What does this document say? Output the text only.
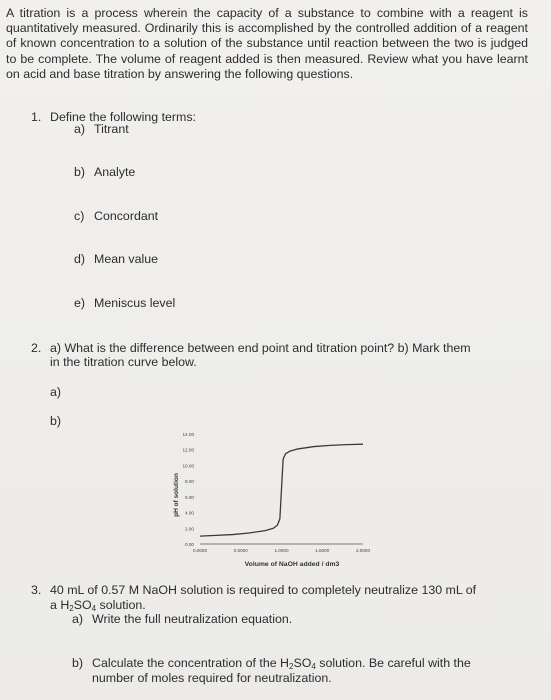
A titration is a process wherein the capacity of a substance to combine with a reagent is quantitatively measured. Ordinarily this is accomplished by the controlled addition of a reagent of known concentration to a solution of the substance until reaction between the two is judged to be complete. The volume of reagent added is then measured. Review what you have learnt on acid and base titration by answering the following questions.
1. Define the following terms:
a) Titrant
b) Analyte
c) Concordant
d) Mean value
e) Meniscus level
2. a) What is the difference between end point and titration point? b) Mark them
in the titration curve below.
a)
b)
pH of solution
Volume of NaOH added / dm3
0.00
2.00
4.00
6.00
8.00
10.00
12.00
14.00
0.0000	0.5000	1.0000	1.5000	2.0000
3. 40 mL of 0.57 M NaOH solution is required to completely neutralize 130 mL of
a $H_2SO_4$ solution.
a) Write the full neutralization equation.
b) Calculate the concentration of the $H_2SO_4$ solution. Be careful with the
number of moles required for neutralization.
